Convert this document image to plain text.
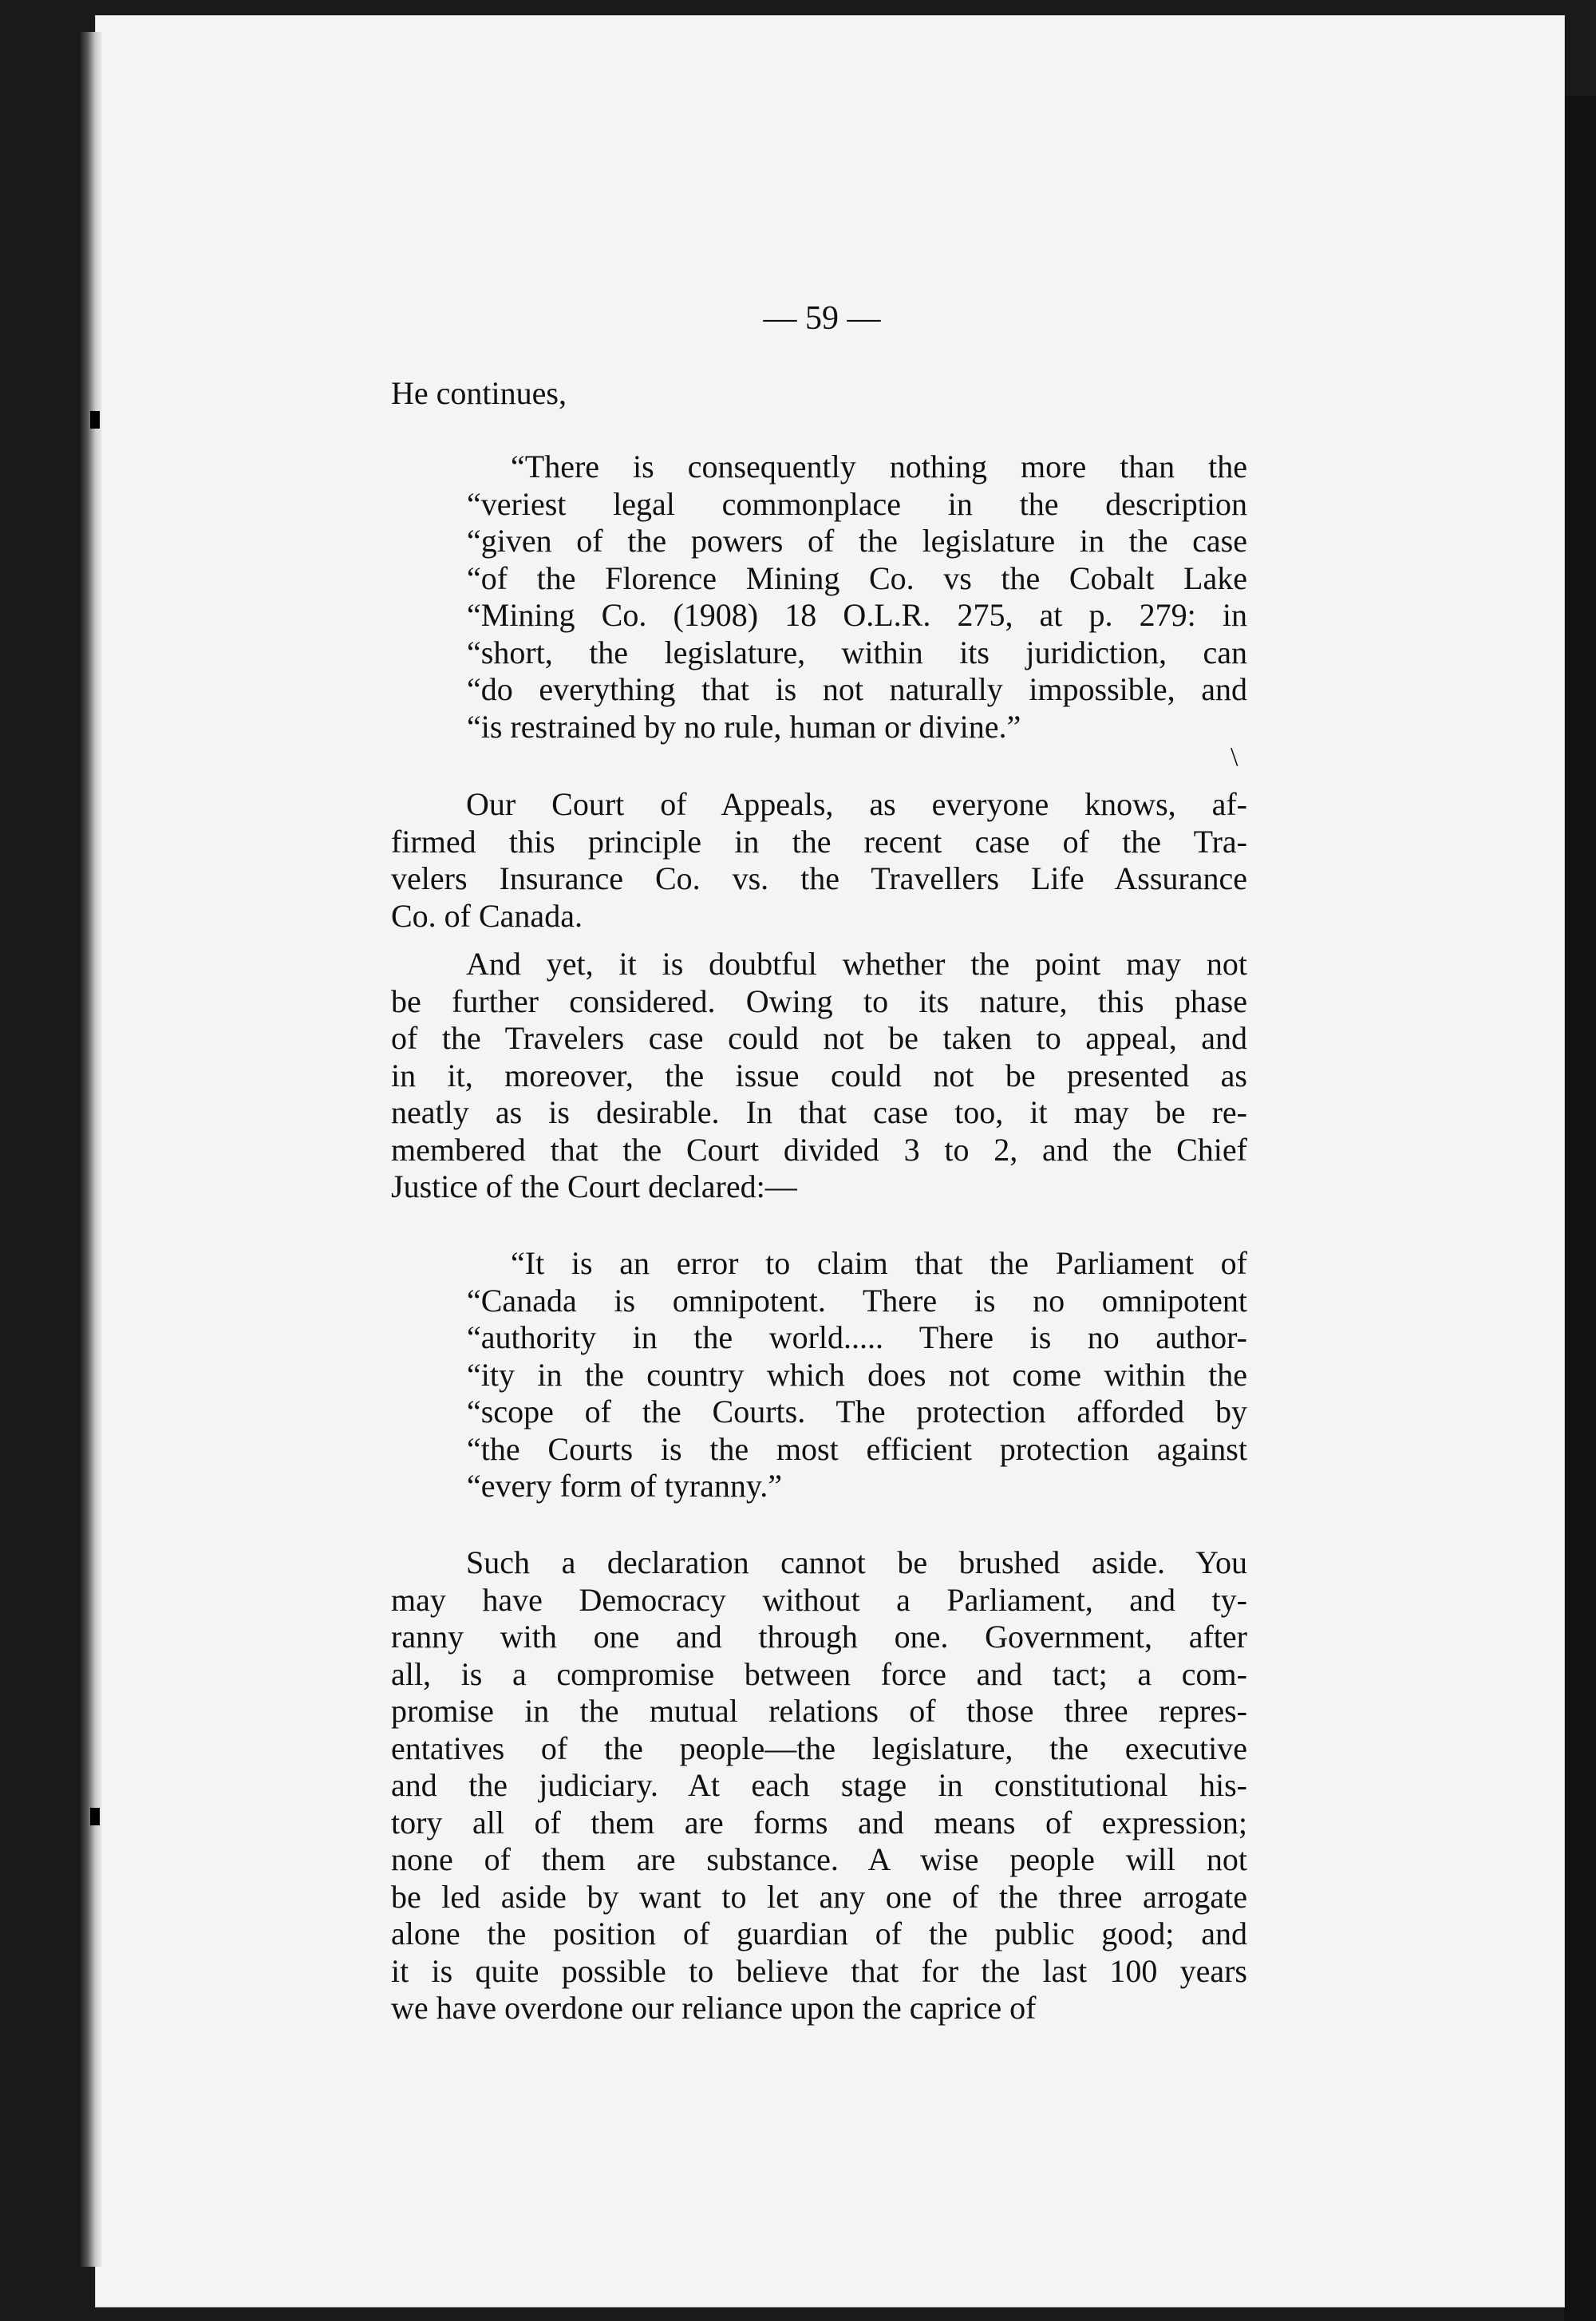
— 59 —
He continues,
“There is consequently nothing more than the
“veriest legal commonplace in the description
“given of the powers of the legislature in the case
“of the Florence Mining Co. vs the Cobalt Lake
“Mining Co. (1908) 18 O.L.R. 275, at p. 279: in
“short, the legislature, within its juridiction, can
“do everything that is not naturally impossible, and
“is restrained by no rule, human or divine.”
\
Our Court of Appeals, as everyone knows, af-
firmed this principle in the recent case of the Tra-
velers Insurance Co. vs. the Travellers Life Assurance
Co. of Canada.
And yet, it is doubtful whether the point may not
be further considered. Owing to its nature, this phase
of the Travelers case could not be taken to appeal, and
in it, moreover, the issue could not be presented as
neatly as is desirable. In that case too, it may be re-
membered that the Court divided 3 to 2, and the Chief
Justice of the Court declared:—
“It is an error to claim that the Parliament of
“Canada is omnipotent. There is no omnipotent
“authority in the world..... There is no author-
“ity in the country which does not come within the
“scope of the Courts. The protection afforded by
“the Courts is the most efficient protection against
“every form of tyranny.”
Such a declaration cannot be brushed aside. You
may have Democracy without a Parliament, and ty-
ranny with one and through one. Government, after
all, is a compromise between force and tact; a com-
promise in the mutual relations of those three repres-
entatives of the people—the legislature, the executive
and the judiciary. At each stage in constitutional his-
tory all of them are forms and means of expression;
none of them are substance. A wise people will not
be led aside by want to let any one of the three arrogate
alone the position of guardian of the public good; and
it is quite possible to believe that for the last 100 years
we have overdone our reliance upon the caprice of
